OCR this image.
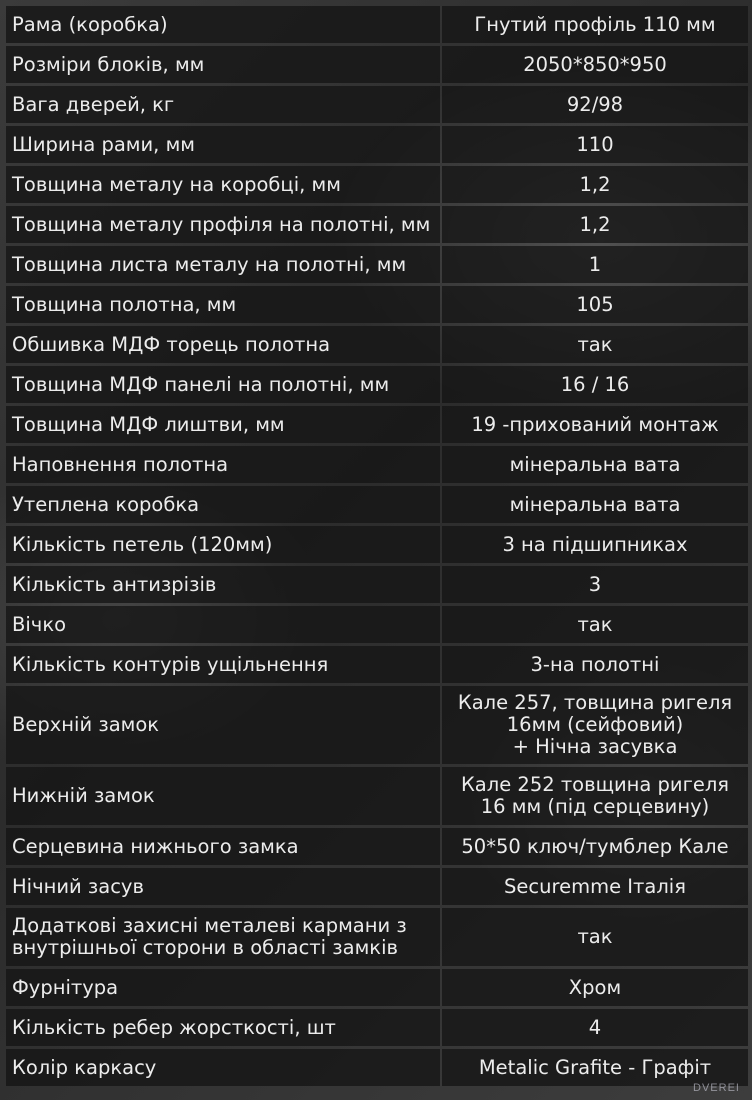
Рама (коробка)	Гнутий профіль 110 мм
Розміри блоків, мм	2050*850*950
Вага дверей, кг	92/98
Ширина рами, мм	110
Товщина металу на коробці, мм	1,2
Товщина металу профіля на полотні, мм	1,2
Товщина листа металу на полотні, мм	1
Товщина полотна, мм	105
Обшивка МДФ торець полотна	так
Товщина МДФ панелі на полотні, мм	16 / 16
Товщина МДФ лиштви, мм	19 -прихований монтаж
Наповнення полотна	мінеральна вата
Утеплена коробка	мінеральна вата
Кількість петель (120мм)	3 на підшипниках
Кількість антизрізів	3
Вічко	так
Кількість контурів ущільнення	3-на полотні
Верхній замок	Кале 257, товщина ригеля
16мм (сейфовий)
+ Нічна засувка
Нижній замок	Кале 252 товщина ригеля
16 мм (під серцевину)
Серцевина нижнього замка	50*50 ключ/тумблер Кале
Нічний засув	Securemme Італія
Додаткові захисні металеві кармани з
внутрішньої сторони в області замків	так
Фурнітура	Хром
Кількість ребер жорсткості, шт	4
Колір каркасу	Metalic Grafite - Графіт
DVEREI
